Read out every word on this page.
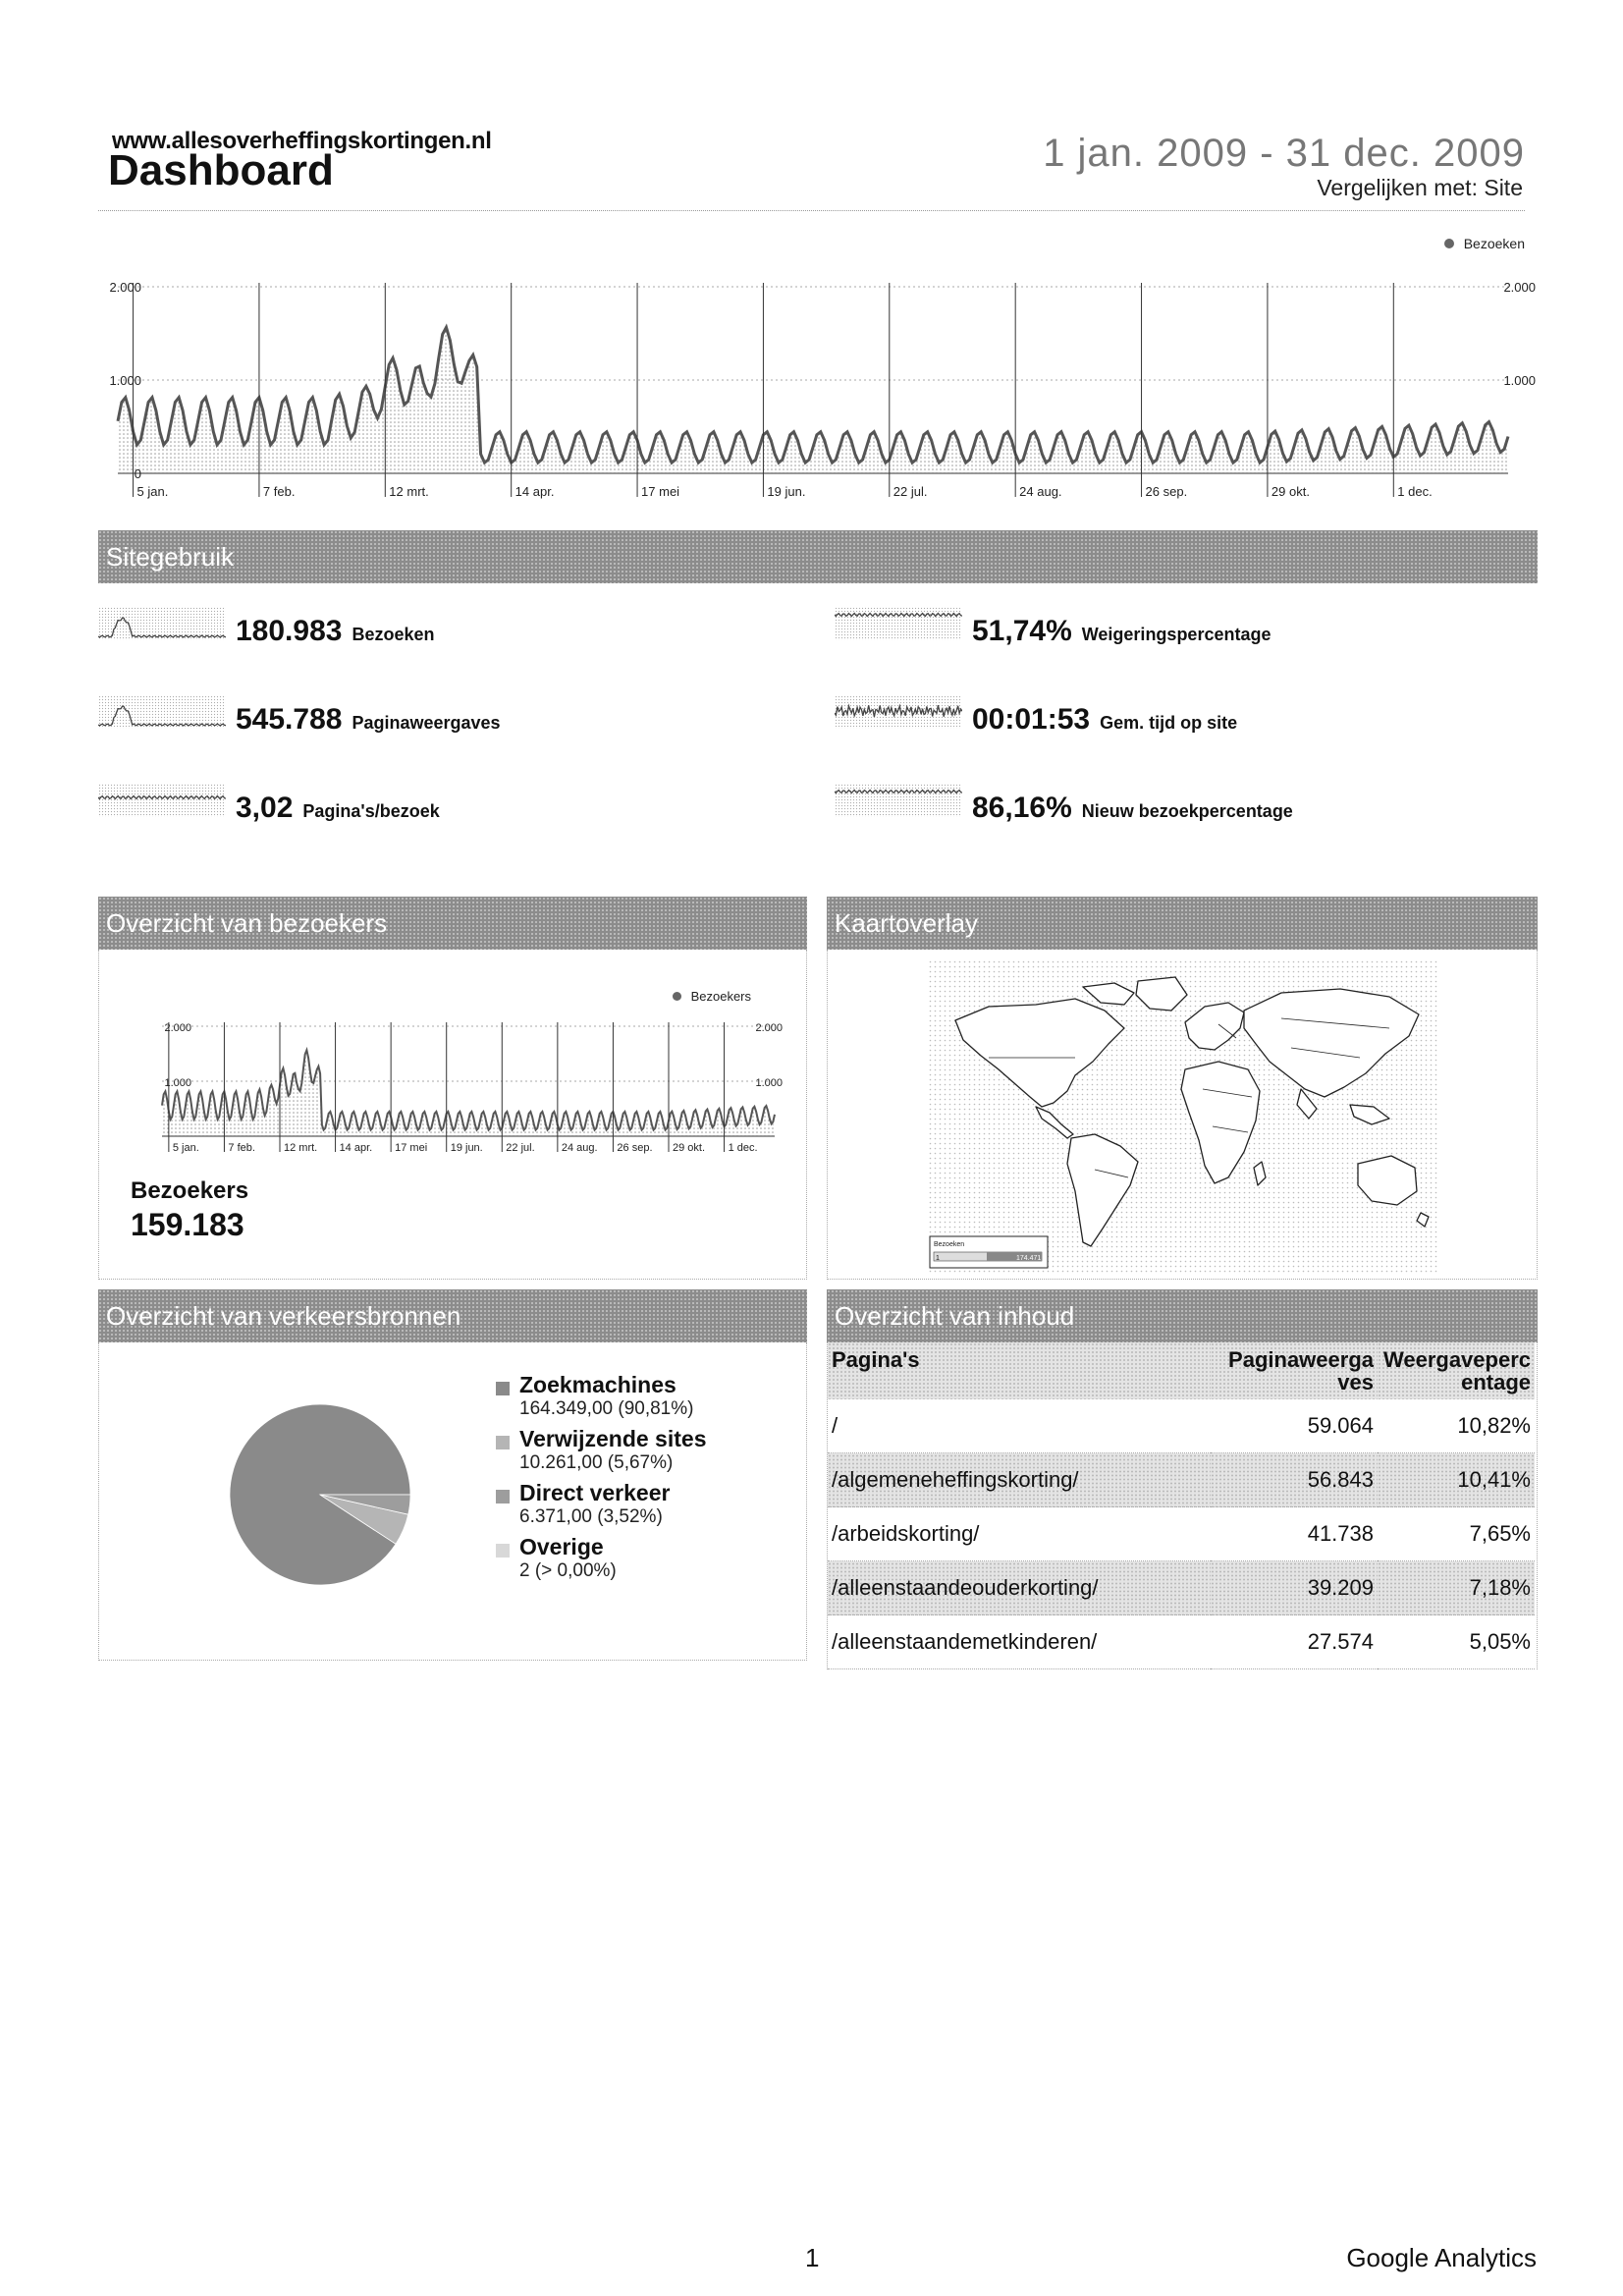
www.allesoverheffingskortingen.nl
Dashboard	1 jan. 2009 - 31 dec. 2009
Vergelijken met: Site
Bezoeken
5 jan.	7 feb.	12 mrt.	14 apr.	17 mei	19 jun.	22 jul.	24 aug.	26 sep.	29 okt.	1 dec.
2.000
1.000
0
2.000
1.000
Sitegebruik
180.983 Bezoeken
545.788 Paginaweergaves
3,02 Pagina's/bezoek
51,74% Weigeringspercentage
00:01:53 Gem. tijd op site
86,16% Nieuw bezoekpercentage
Overzicht van bezoekers
Bezoekers
5 jan.	7 feb.	12 mrt. 14 apr. 17 mei 19 jun. 22 jul. 24 aug. 26 sep. 29 okt. 1 dec.
2.000
1.000
2.000
1.000
Bezoekers
159.183
Kaartoverlay
Bezoeken
1	174.471
Overzicht van verkeersbronnen
Zoekmachines
164.349,00 (90,81%)
Verwijzende sites
10.261,00 (5,67%)
Direct verkeer
6.371,00 (3,52%)
Overige
2 (> 0,00%)
Overzicht van inhoud
Pagina's	Paginaweerga ves	Weergaveperc entage
/	59.064	10,82%
/algemeneheffingskorting/	56.843	10,41%
/arbeidskorting/	41.738	7,65%
/alleenstaandeouderkorting/	39.209	7,18%
/alleenstaandemetkinderen/	27.574	5,05%
1	Google Analytics
